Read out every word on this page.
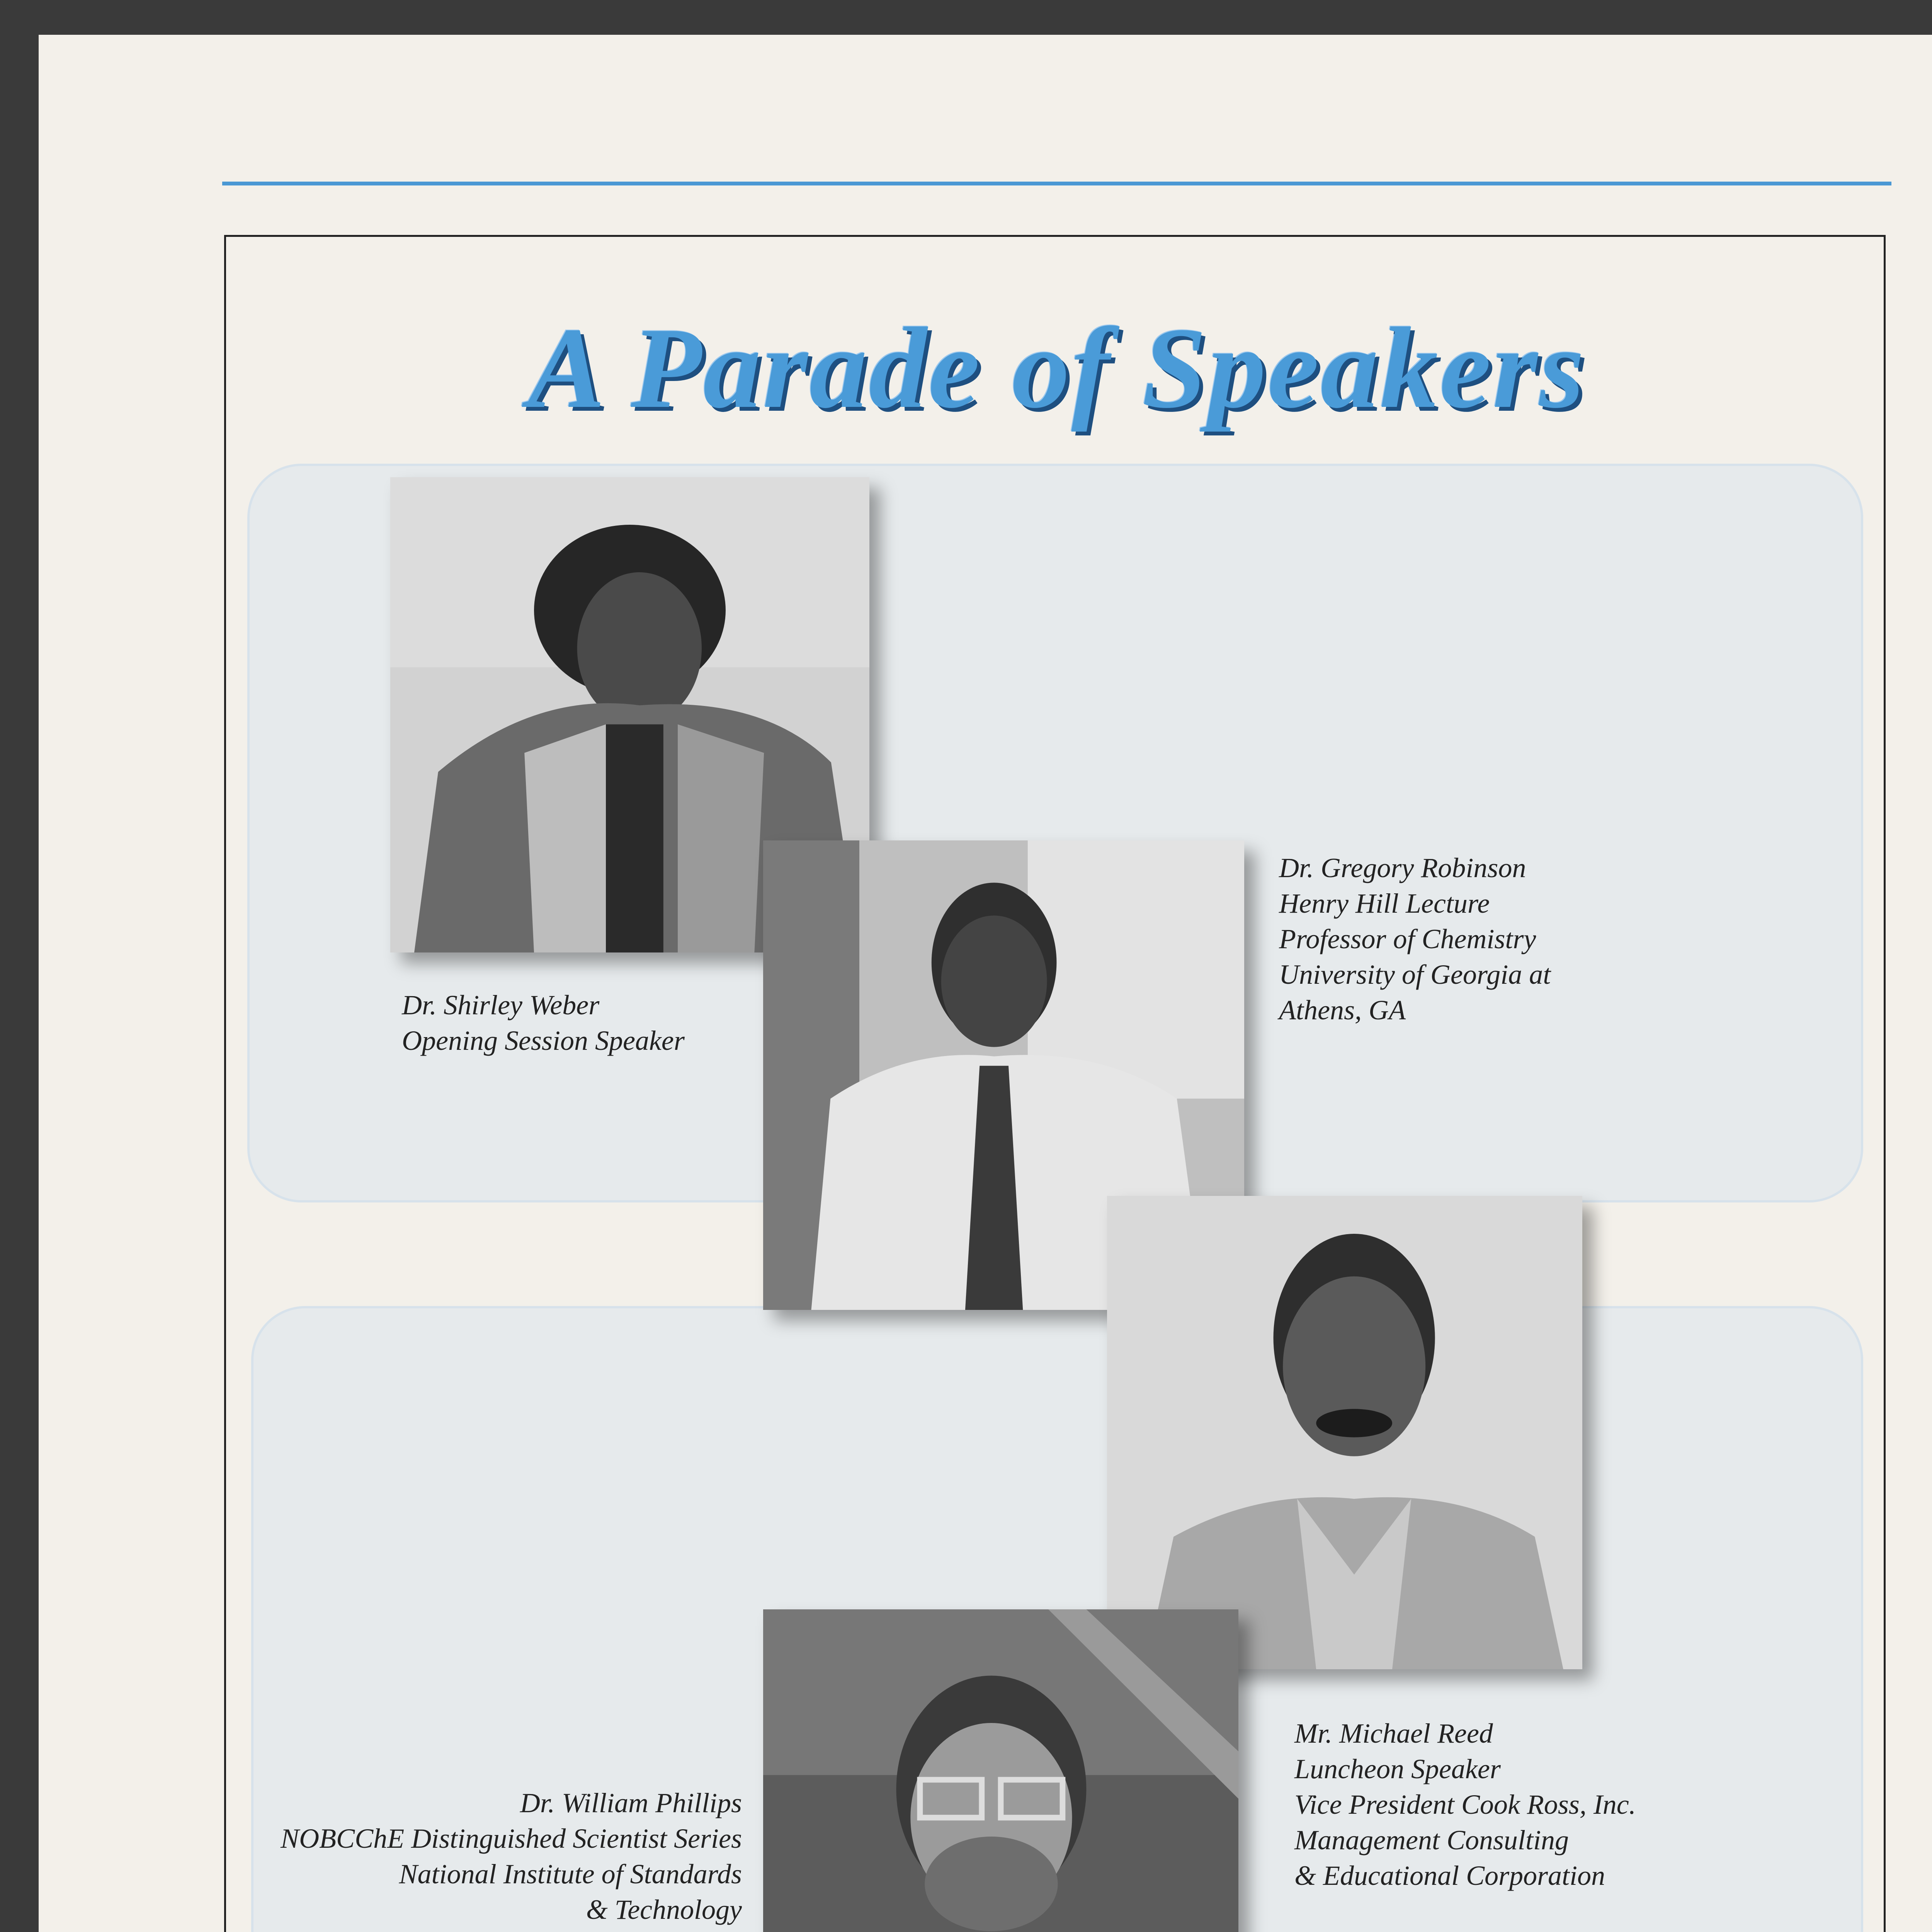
A Parade of Speakers
Dr. Shirley Weber
Opening Session Speaker
Dr. Gregory Robinson
Henry Hill Lecture
Professor of Chemistry
University of Georgia at
Athens, GA
Mr. Michael Reed
Luncheon Speaker
Vice President Cook Ross, Inc.
Management Consulting
& Educational Corporation
Dr. William Phillips
NOBCChE Distinguished Scientist Series
National Institute of Standards
& Technology
